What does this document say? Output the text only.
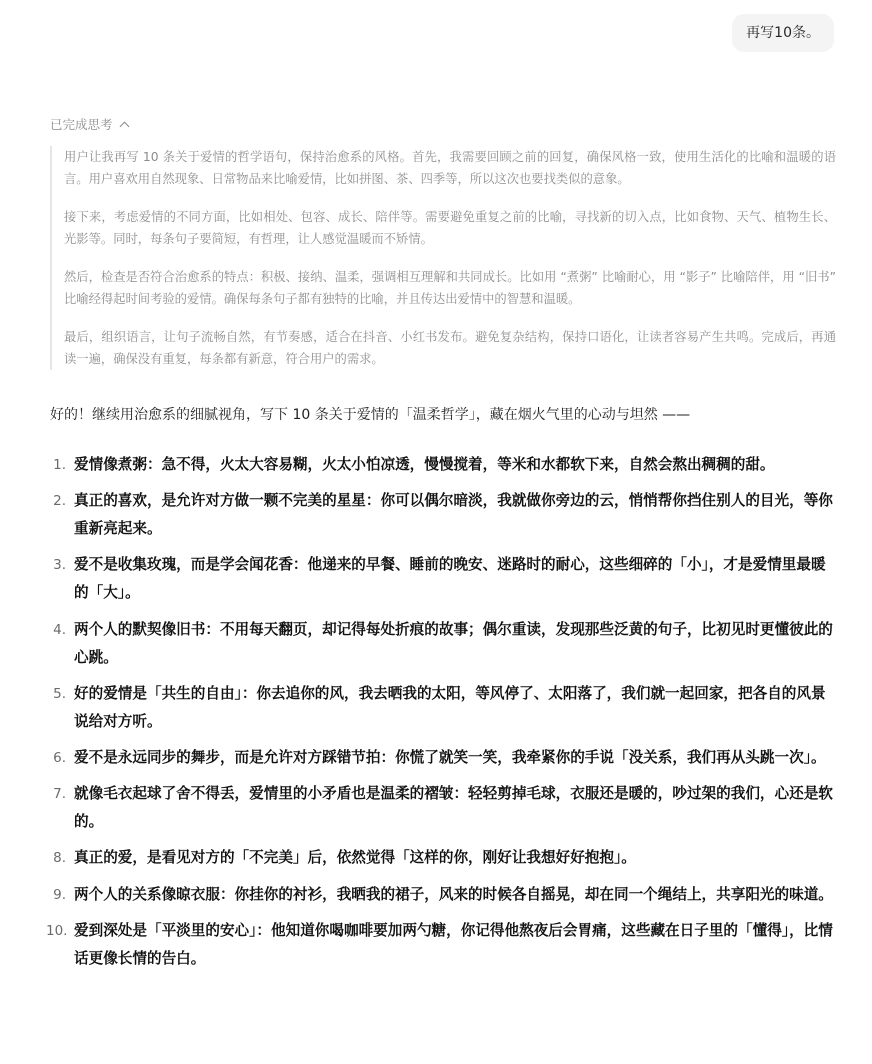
再写10条。
已完成思考

用户让我再写 10 条关于爱情的哲学语句，保持治愈系的风格。首先，我需要回顾之前的回复，确保风格一致，使用生活化的比喻和温暖的语言。用户喜欢用自然现象、日常物品来比喻爱情，比如拼图、茶、四季等，所以这次也要找类似的意象。

接下来，考虑爱情的不同方面，比如相处、包容、成长、陪伴等。需要避免重复之前的比喻，寻找新的切入点，比如食物、天气、植物生长、光影等。同时，每条句子要简短，有哲理，让人感觉温暖而不矫情。

然后，检查是否符合治愈系的特点：积极、接纳、温柔，强调相互理解和共同成长。比如用 “煮粥” 比喻耐心，用 “影子” 比喻陪伴，用 “旧书” 比喻经得起时间考验的爱情。确保每条句子都有独特的比喻，并且传达出爱情中的智慧和温暖。

最后，组织语言，让句子流畅自然，有节奏感，适合在抖音、小红书发布。避免复杂结构，保持口语化，让读者容易产生共鸣。完成后，再通读一遍，确保没有重复，每条都有新意，符合用户的需求。

好的！继续用治愈系的细腻视角，写下 10 条关于爱情的「温柔哲学」，藏在烟火气里的心动与坦然 ——
1. 爱情像煮粥：急不得，火太大容易糊，火太小怕凉透，慢慢搅着，等米和水都软下来，自然会熬出稠稠的甜。
2. 真正的喜欢，是允许对方做一颗不完美的星星：你可以偶尔暗淡，我就做你旁边的云，悄悄帮你挡住别人的目光，等你重新亮起来。
3. 爱不是收集玫瑰，而是学会闻花香：他递来的早餐、睡前的晚安、迷路时的耐心，这些细碎的「小」，才是爱情里最暖的「大」。
4. 两个人的默契像旧书：不用每天翻页，却记得每处折痕的故事；偶尔重读，发现那些泛黄的句子，比初见时更懂彼此的心跳。
5. 好的爱情是「共生的自由」：你去追你的风，我去晒我的太阳，等风停了、太阳落了，我们就一起回家，把各自的风景说给对方听。
6. 爱不是永远同步的舞步，而是允许对方踩错节拍：你慌了就笑一笑，我牵紧你的手说「没关系，我们再从头跳一次」。
7. 就像毛衣起球了舍不得丢，爱情里的小矛盾也是温柔的褶皱：轻轻剪掉毛球，衣服还是暖的，吵过架的我们，心还是软的。
8. 真正的爱，是看见对方的「不完美」后，依然觉得「这样的你，刚好让我想好好抱抱」。
9. 两个人的关系像晾衣服：你挂你的衬衫，我晒我的裙子，风来的时候各自摇晃，却在同一个绳结上，共享阳光的味道。
10. 爱到深处是「平淡里的安心」：他知道你喝咖啡要加两勺糖，你记得他熬夜后会胃痛，这些藏在日子里的「懂得」，比情话更像长情的告白。
